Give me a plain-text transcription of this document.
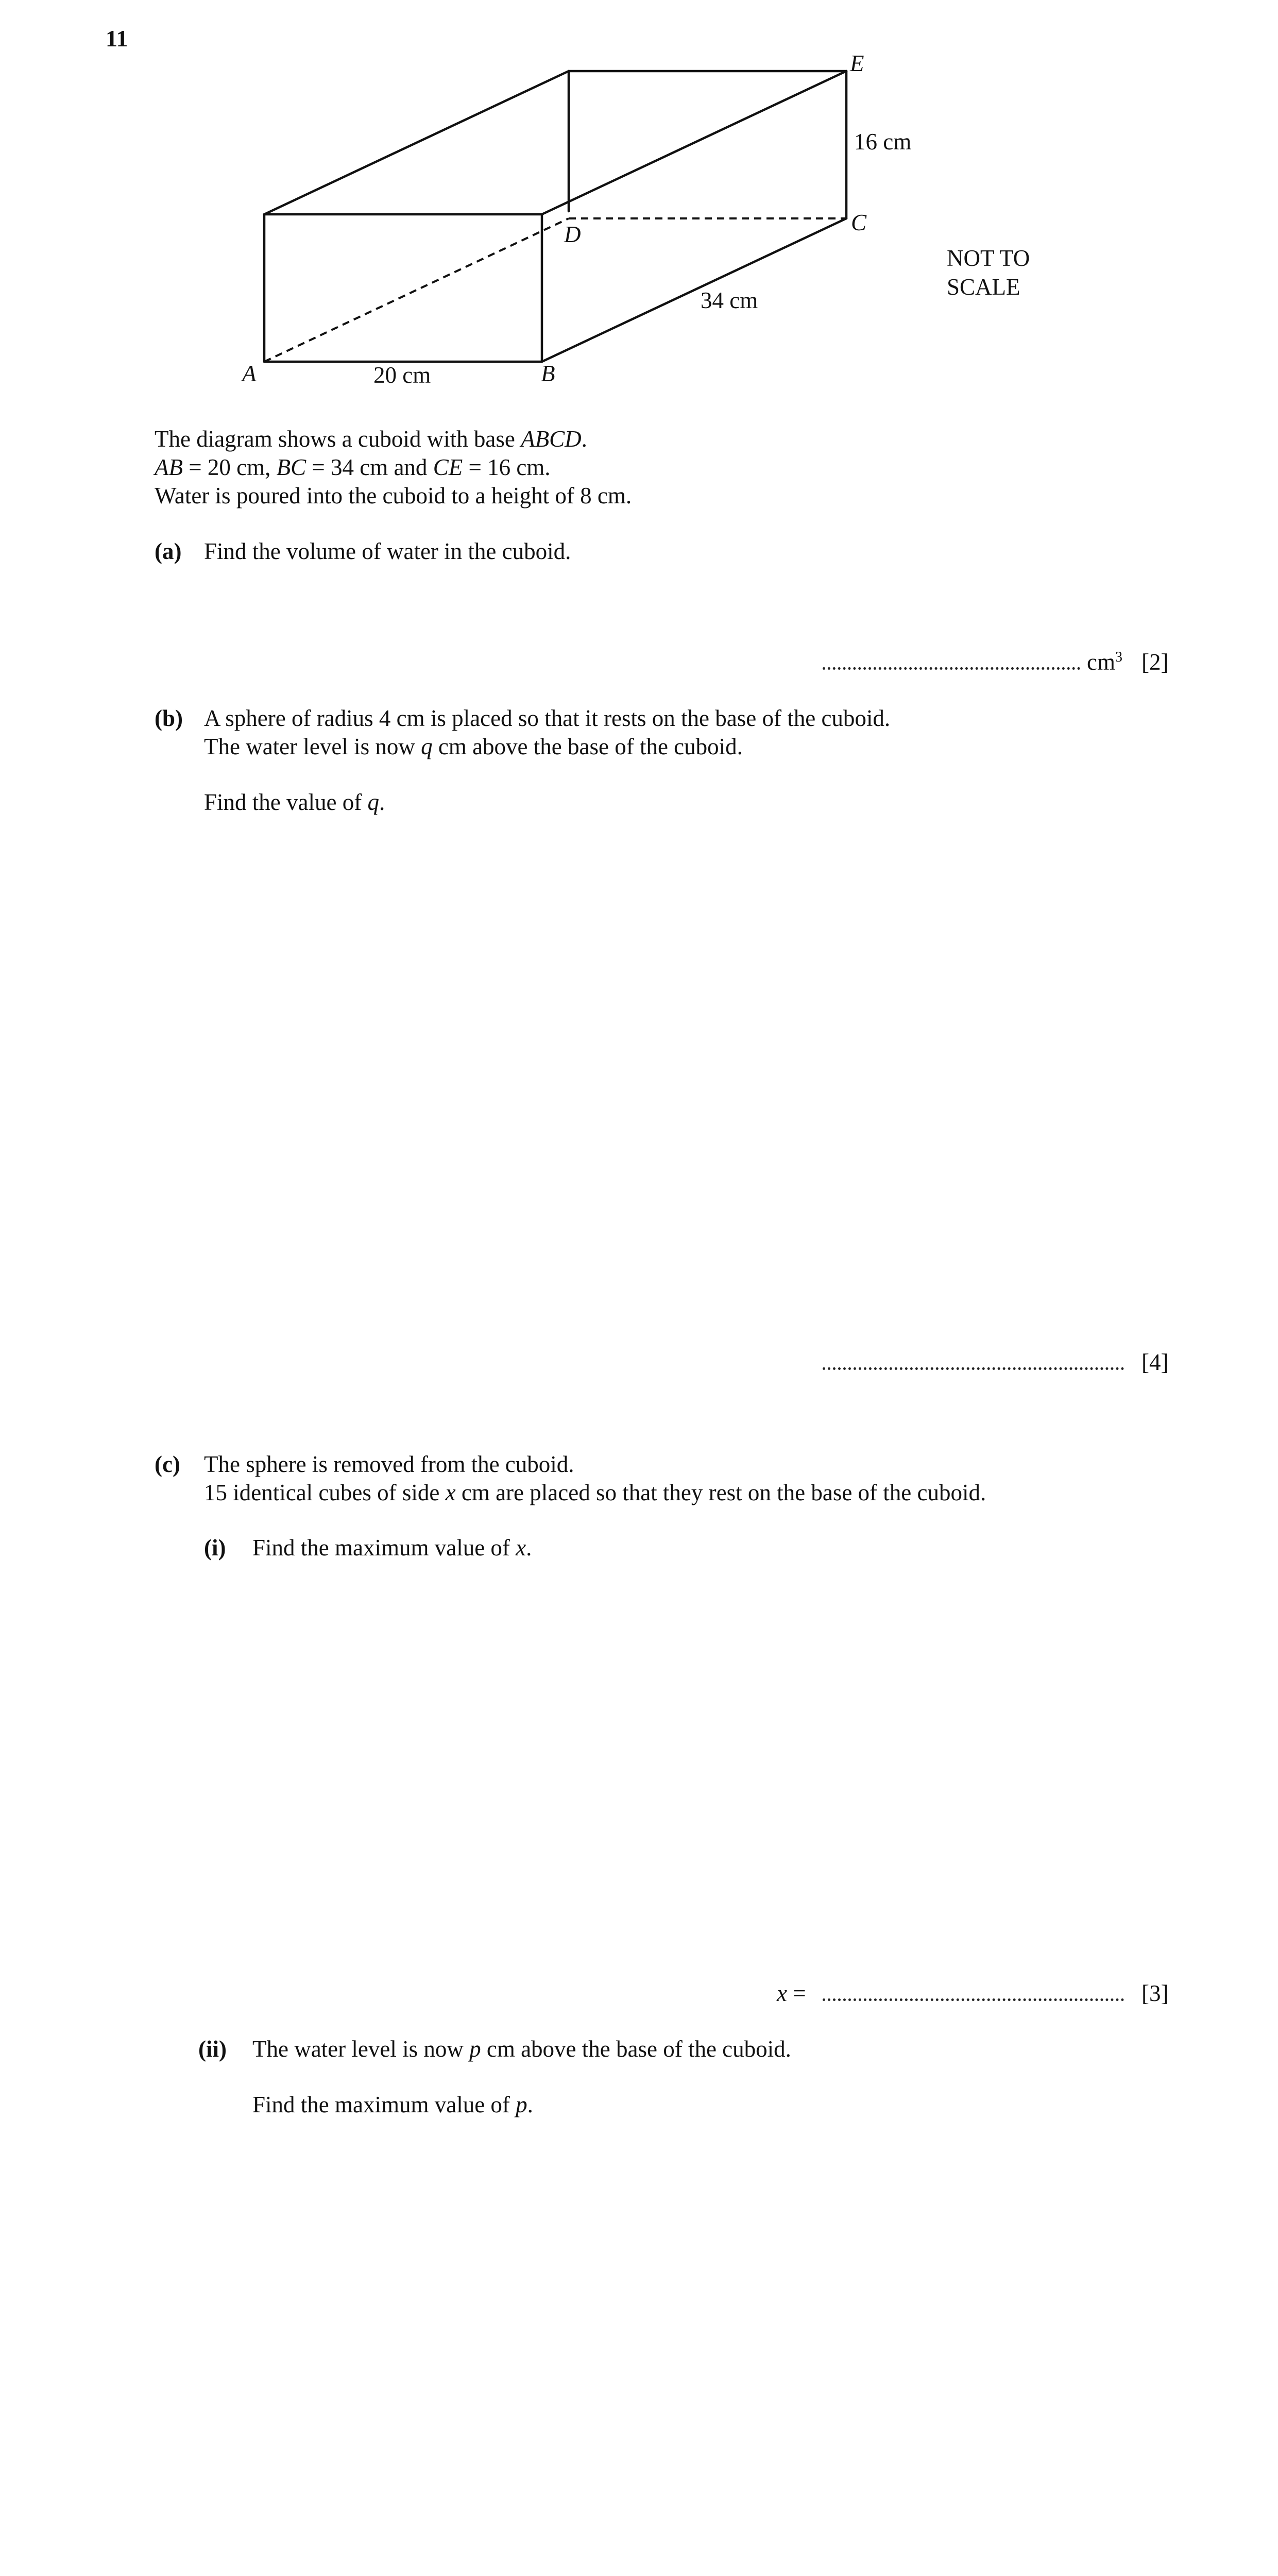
11
A	B
C
D
E
20 cm
34 cm
16 cm
NOT TO
SCALE
The diagram shows a cuboid with base ABCD.
AB = 20 cm, BC = 34 cm and CE = 16 cm.
Water is poured into the cuboid to a height of 8 cm.
(a) Find the volume of water in the cuboid.
$cm^3$ [2]
(b) A sphere of radius 4 cm is placed so that it rests on the base of the cuboid.
The water level is now q cm above the base of the cuboid.
Find the value of q.
[4]
(c) The sphere is removed from the cuboid.
15 identical cubes of side x cm are placed so that they rest on the base of the cuboid.
(i) Find the maximum value of x.
x =	[3]
(ii) The water level is now p cm above the base of the cuboid.
Find the maximum value of p.
